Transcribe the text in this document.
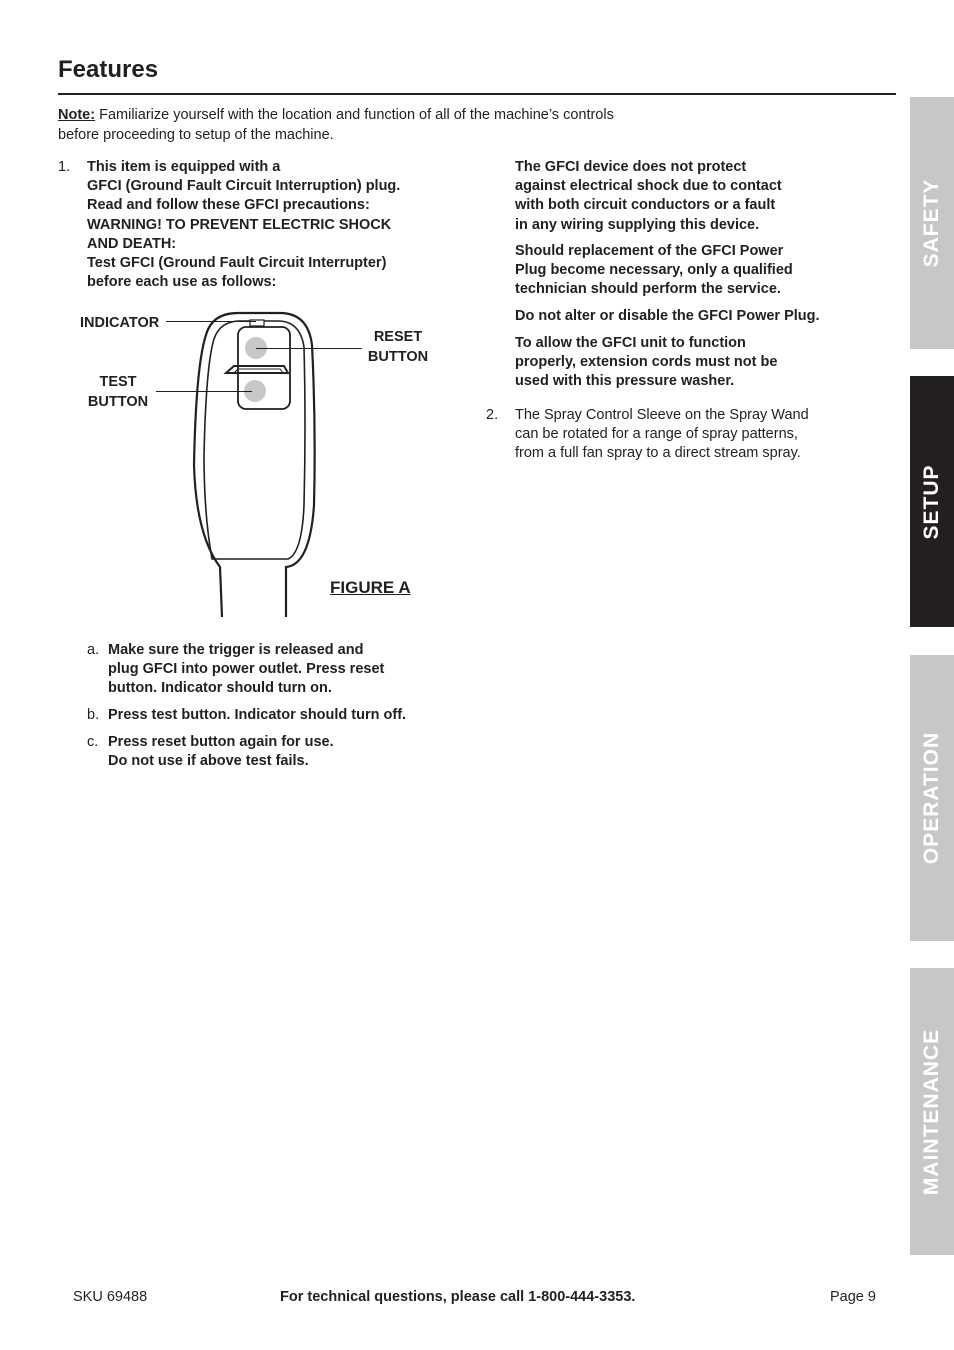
Features
Note: Familiarize yourself with the location and function of all of the machine’s controls before proceeding to setup of the machine.
1. This item is equipped with a
GFCI (Ground Fault Circuit Interruption) plug.
Read and follow these GFCI precautions:
WARNING! TO PREVENT ELECTRIC SHOCK
AND DEATH:
Test GFCI (Ground Fault Circuit Interrupter)
before each use as follows:
INDICATOR
RESET
BUTTON
TEST
BUTTON
FIGURE A
a. Make sure the trigger is released and
plug GFCI into power outlet. Press reset
button. Indicator should turn on.
b. Press test button. Indicator should turn off.
c. Press reset button again for use.
Do not use if above test fails.
The GFCI device does not protect
against electrical shock due to contact
with both circuit conductors or a fault
in any wiring supplying this device.
Should replacement of the GFCI Power
Plug become necessary, only a qualified
technician should perform the service.
Do not alter or disable the GFCI Power Plug.
To allow the GFCI unit to function
properly, extension cords must not be
used with this pressure washer.
2. The Spray Control Sleeve on the Spray Wand
can be rotated for a range of spray patterns,
from a full fan spray to a direct stream spray.
SAFETY
SETUP
OPERATION
MAINTENANCE
SKU 69488	For technical questions, please call 1-800-444-3353.	Page 9
